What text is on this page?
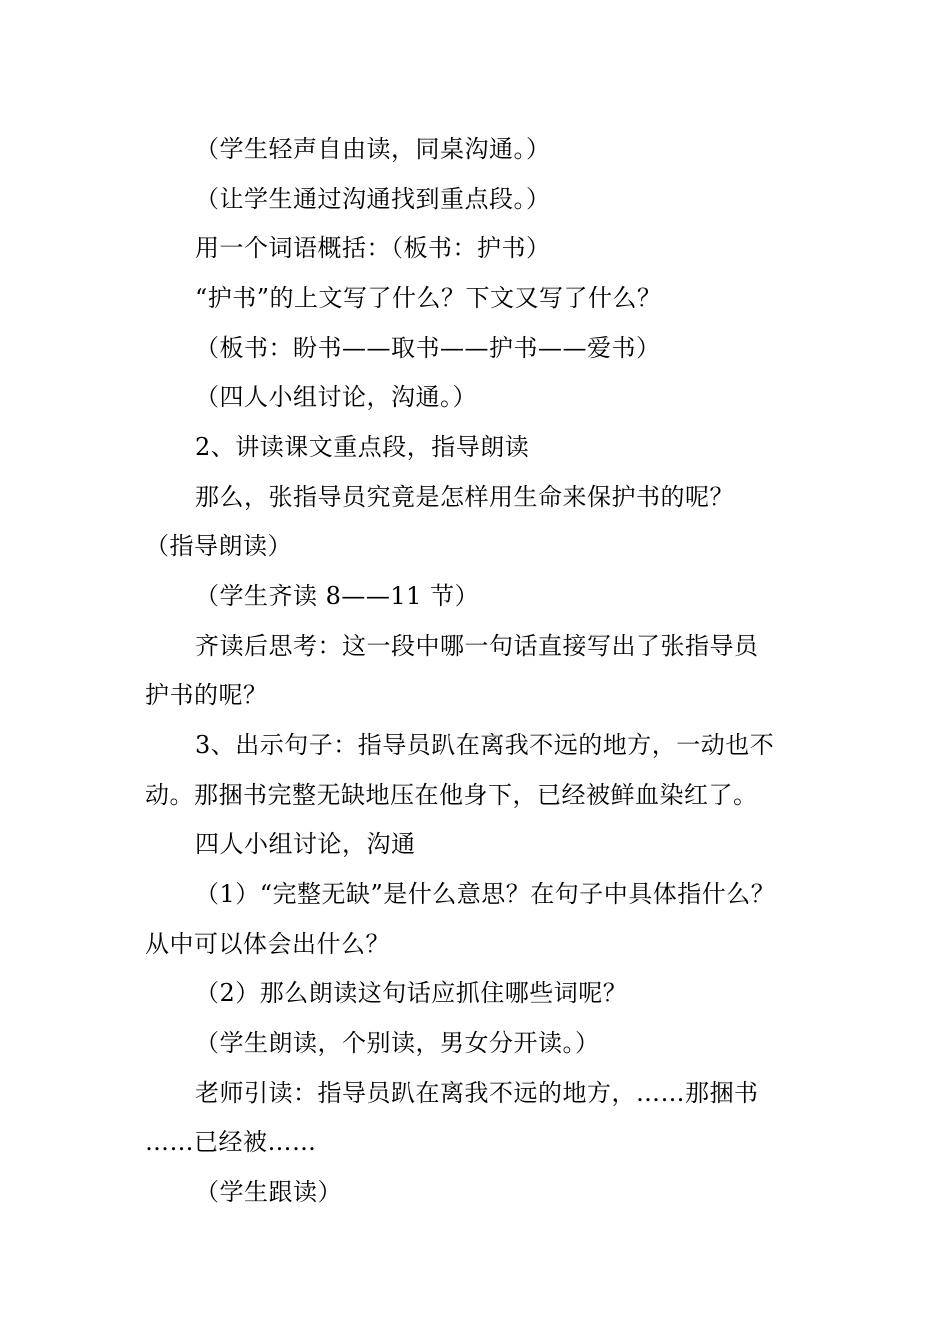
（学生轻声自由读，同桌沟通。）
（让学生通过沟通找到重点段。）
用一个词语概括：（板书：护书）
“护书”的上文写了什么？下文又写了什么？
（板书：盼书——取书——护书——爱书）
（四人小组讨论，沟通。）
2、讲读课文重点段，指导朗读
那么，张指导员究竟是怎样用生命来保护书的呢？
（指导朗读）
（学生齐读 8——11 节）
齐读后思考：这一段中哪一句话直接写出了张指导员
护书的呢？
3、出示句子：指导员趴在离我不远的地方，一动也不
动。那捆书完整无缺地压在他身下，已经被鲜血染红了。
四人小组讨论，沟通
（1）“完整无缺”是什么意思？在句子中具体指什么？
从中可以体会出什么？
（2）那么朗读这句话应抓住哪些词呢？
（学生朗读，个别读，男女分开读。）
老师引读：指导员趴在离我不远的地方，……那捆书
……已经被……
（学生跟读）
